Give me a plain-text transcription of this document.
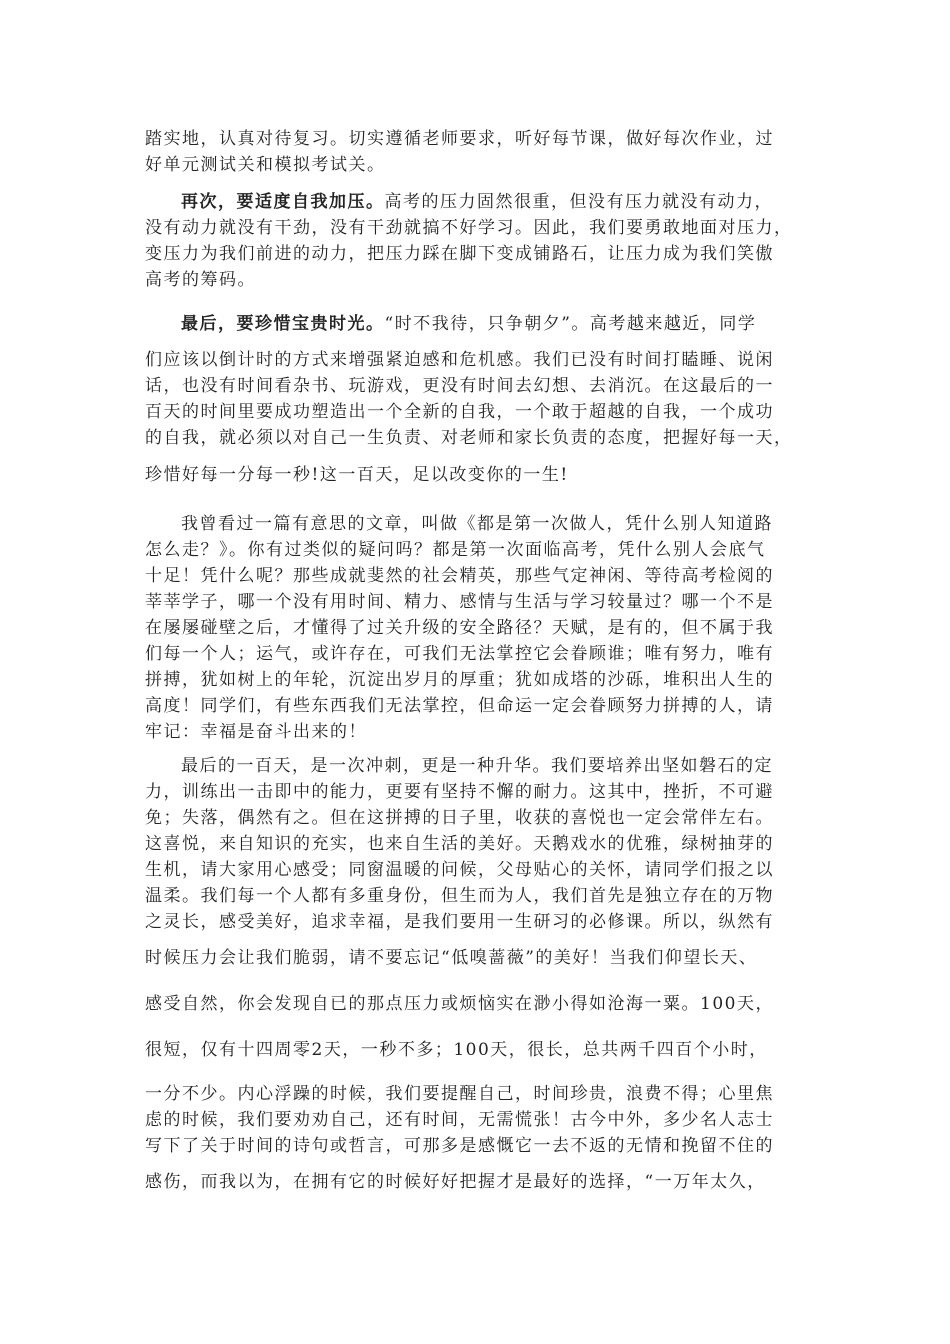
踏实地，认真对待复习。切实遵循老师要求，听好每节课，做好每次作业，过
好单元测试关和模拟考试关。
再次，要适度自我加压。高考的压力固然很重，但没有压力就没有动力，
没有动力就没有干劲，没有干劲就搞不好学习。因此，我们要勇敢地面对压力，
变压力为我们前进的动力，把压力踩在脚下变成铺路石，让压力成为我们笑傲
高考的筹码。
最后，要珍惜宝贵时光。“时不我待，只争朝夕”。高考越来越近，同学
们应该以倒计时的方式来增强紧迫感和危机感。我们已没有时间打瞌睡、说闲
话，也没有时间看杂书、玩游戏，更没有时间去幻想、去消沉。在这最后的一
百天的时间里要成功塑造出一个全新的自我，一个敢于超越的自我，一个成功
的自我，就必须以对自己一生负责、对老师和家长负责的态度，把握好每一天，
珍惜好每一分每一秒!这一百天，足以改变你的一生!
我曾看过一篇有意思的文章，叫做《都是第一次做人，凭什么别人知道路
怎么走？》。你有过类似的疑问吗？都是第一次面临高考，凭什么别人会底气
十足！凭什么呢？那些成就斐然的社会精英，那些气定神闲、等待高考检阅的
莘莘学子，哪一个没有用时间、精力、感情与生活与学习较量过？哪一个不是
在屡屡碰壁之后，才懂得了过关升级的安全路径？天赋，是有的，但不属于我
们每一个人；运气，或许存在，可我们无法掌控它会眷顾谁；唯有努力，唯有
拼搏，犹如树上的年轮，沉淀出岁月的厚重；犹如成塔的沙砾，堆积出人生的
高度！同学们，有些东西我们无法掌控，但命运一定会眷顾努力拼搏的人，请
牢记：幸福是奋斗出来的！
最后的一百天，是一次冲刺，更是一种升华。我们要培养出坚如磐石的定
力，训练出一击即中的能力，更要有坚持不懈的耐力。这其中，挫折，不可避
免；失落，偶然有之。但在这拼搏的日子里，收获的喜悦也一定会常伴左右。
这喜悦，来自知识的充实，也来自生活的美好。天鹅戏水的优雅，绿树抽芽的
生机，请大家用心感受；同窗温暖的问候，父母贴心的关怀，请同学们报之以
温柔。我们每一个人都有多重身份，但生而为人，我们首先是独立存在的万物
之灵长，感受美好，追求幸福，是我们要用一生研习的必修课。所以，纵然有
时候压力会让我们脆弱，请不要忘记“低嗅蔷薇”的美好！当我们仰望长天、
感受自然，你会发现自已的那点压力或烦恼实在渺小得如沧海一粟。100天，
很短，仅有十四周零2天，一秒不多；100天，很长，总共两千四百个小时，
一分不少。内心浮躁的时候，我们要提醒自己，时间珍贵，浪费不得；心里焦
虑的时候，我们要劝劝自己，还有时间，无需慌张！古今中外，多少名人志士
写下了关于时间的诗句或哲言，可那多是感慨它一去不返的无情和挽留不住的
感伤，而我以为，在拥有它的时候好好把握才是最好的选择，“一万年太久，
